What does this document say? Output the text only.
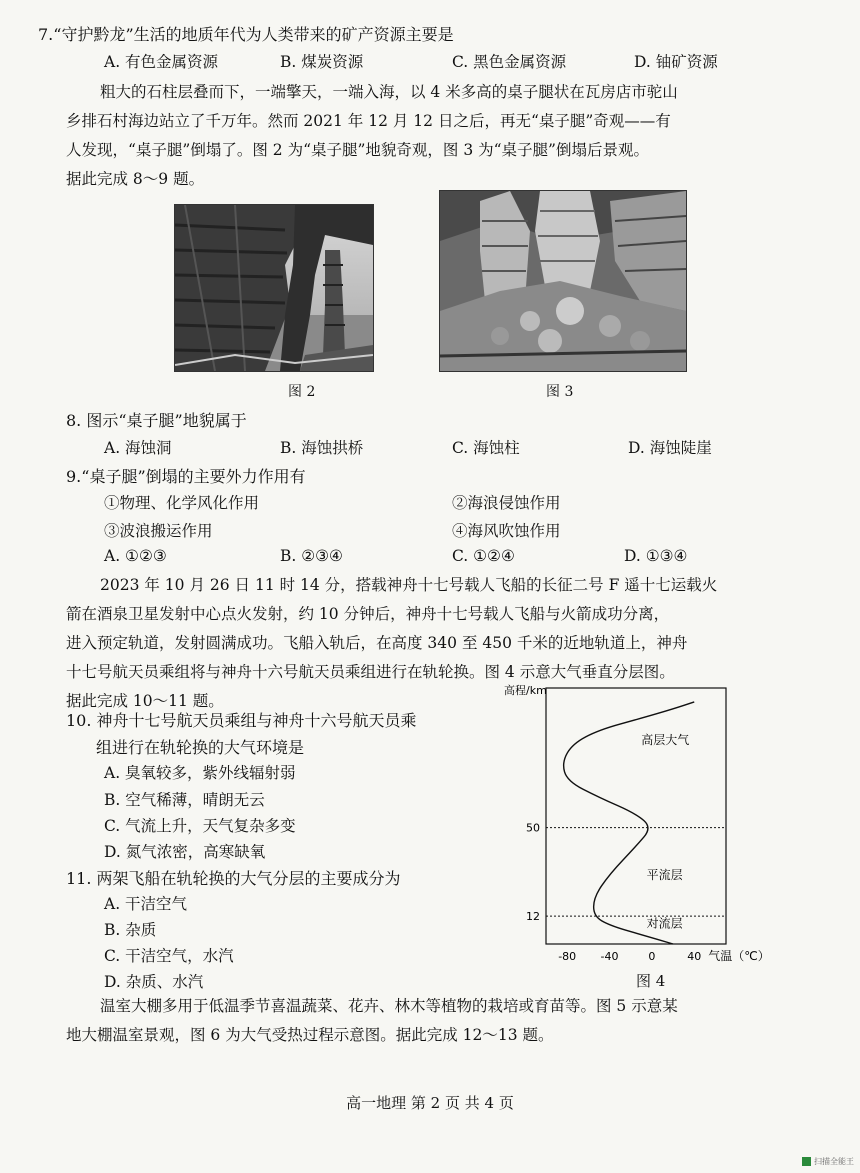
7.“守护黔龙”生活的地质年代为人类带来的矿产资源主要是
A. 有色金属资源	B. 煤炭资源	C. 黑色金属资源	D. 铀矿资源

粗大的石柱层叠而下，一端擎天，一端入海，以 4 米多高的桌子腿状在瓦房店市驼山

乡排石村海边站立了千万年。然而 2021 年 12 月 12 日之后，再无“桌子腿”奇观——有

人发现，“桌子腿”倒塌了。图 2 为“桌子腿”地貌奇观，图 3 为“桌子腿”倒塌后景观。

据此完成 8～9 题。

图 2	图 3
8. 图示“桌子腿”地貌属于
A. 海蚀洞	B. 海蚀拱桥	C. 海蚀柱	D. 海蚀陡崖
9.“桌子腿”倒塌的主要外力作用有
①物理、化学风化作用	②海浪侵蚀作用
③波浪搬运作用	④海风吹蚀作用
A. ①②③	B. ②③④	C. ①②④	D. ①③④

2023 年 10 月 26 日 11 时 14 分，搭载神舟十七号载人飞船的长征二号 F 遥十七运载火

箭在酒泉卫星发射中心点火发射，约 10 分钟后，神舟十七号载人飞船与火箭成功分离，

进入预定轨道，发射圆满成功。飞船入轨后，在高度 340 至 450 千米的近地轨道上，神舟

十七号航天员乘组将与神舟十六号航天员乘组进行在轨轮换。图 4 示意大气垂直分层图。

据此完成 10～11 题。

10. 神舟十七号航天员乘组与神舟十六号航天员乘
组进行在轨轮换的大气环境是
A. 臭氧较多，紫外线辐射弱
B. 空气稀薄，晴朗无云
C. 气流上升，天气复杂多变
D. 氮气浓密，高寒缺氧
11. 两架飞船在轨轮换的大气分层的主要成分为
A. 干洁空气
B. 杂质
C. 干洁空气，水汽
D. 杂质、水汽
高程/km
50
12
高层大气
平流层
对流层
-80 -40	0	40 气温（℃）
图 4

温室大棚多用于低温季节喜温蔬菜、花卉、林木等植物的栽培或育苗等。图 5 示意某

地大棚温室景观，图 6 为大气受热过程示意图。据此完成 12～13 题。

高一地理 第 2 页 共 4 页
扫描全能王
